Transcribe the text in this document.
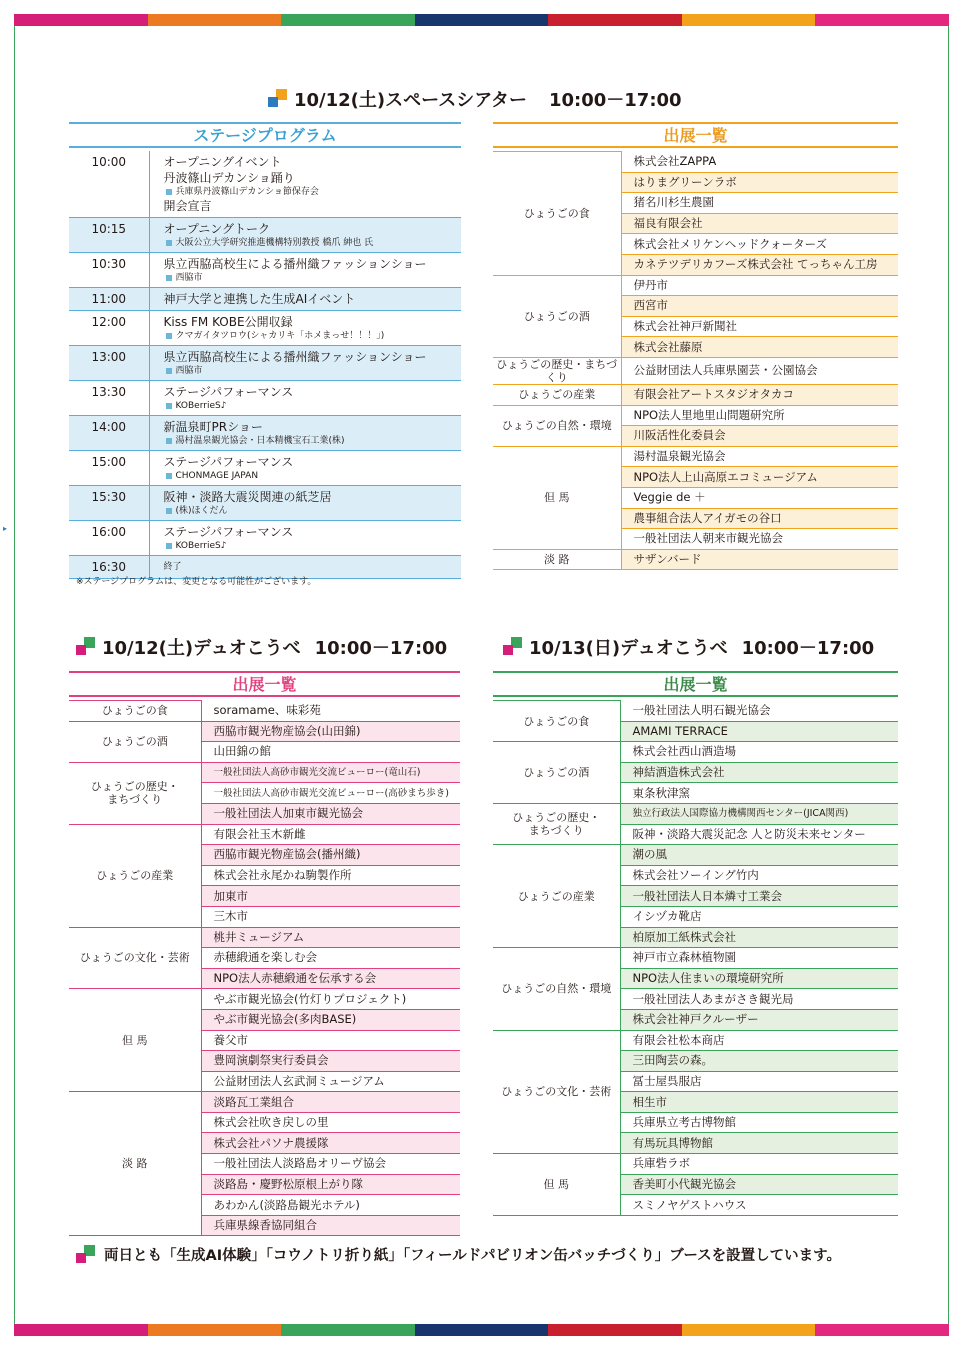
▸
10/12(土)スペースシアター 10:00－17:00
ステージプログラム
10:00	オープニングイベント
丹波篠山デカンショ踊り
兵庫県丹波篠山デカンショ節保存会
開会宣言

10:15	オープニングトーク
大阪公立大学研究推進機構特別教授 橋爪 紳也 氏

10:30	県立西脇高校生による播州織ファッションショー
西脇市

11:00	神戸大学と連携した生成AIイベント

12:00	Kiss FM KOBE公開収録
クマガイタツロウ(シャカリキ「ホメまっせ！！！」)

13:00	県立西脇高校生による播州織ファッションショー
西脇市

13:30	ステージパフォーマンス
KOBerrieS♪

14:00	新温泉町PRショー
湯村温泉観光協会・日本精機宝石工業(株)

15:00	ステージパフォーマンス
CHONMAGE JAPAN

15:30	阪神・淡路大震災関連の紙芝居
(株)ほくだん

16:00	ステージパフォーマンス
KOBerrieS♪

16:30	終了
※ステージプログラムは、変更となる可能性がございます。
出展一覧
ひょうごの食	株式会社ZAPPA
	はりまグリーンラボ
	猪名川杉生農園
	福良有限会社
	株式会社メリケンヘッドクォーターズ
	カネテツデリカフーズ株式会社 てっちゃん工房

ひょうごの酒	伊丹市
	西宮市
	株式会社神戸新聞社
	株式会社藤原

ひょうごの歴史・まちづくり	公益財団法人兵庫県園芸・公園協会

ひょうごの産業	有限会社アートスタジオタカコ

ひょうごの自然・環境	NPO法人里地里山問題研究所
	川阪活性化委員会

但 馬	湯村温泉観光協会
	NPO法人上山高原エコミュージアム
	Veggie de ＋
	農事組合法人アイガモの谷口
	一般社団法人朝来市観光協会

淡 路	サザンバード
10/12(土)デュオこうべ 10:00－17:00
出展一覧
ひょうごの食	soramame、味彩苑

ひょうごの酒	西脇市観光物産協会(山田錦)
	山田錦の館

ひょうごの歴史・
まちづくり	一般社団法人高砂市観光交流ビューロー(竜山石)
	一般社団法人高砂市観光交流ビューロー(高砂まち歩き)
	一般社団法人加東市観光協会

ひょうごの産業	有限会社玉木新雌
	西脇市観光物産協会(播州織)
	株式会社永尾かね駒製作所
	加東市
	三木市

ひょうごの文化・芸術	桃井ミュージアム
	赤穂緞通を楽しむ会
	NPO法人赤穂緞通を伝承する会

但 馬	やぶ市観光協会(竹灯りプロジェクト)
	やぶ市観光協会(多肉BASE)
	養父市
	豊岡演劇祭実行委員会
	公益財団法人玄武洞ミュージアム

淡 路	淡路瓦工業組合
	株式会社吹き戻しの里
	株式会社パソナ農援隊
	一般社団法人淡路島オリーヴ協会
	淡路島・慶野松原根上がり隊
	あわかん(淡路島観光ホテル)
	兵庫県線香協同組合
10/13(日)デュオこうべ 10:00－17:00
出展一覧
ひょうごの食	一般社団法人明石観光協会
	AMAMI TERRACE

ひょうごの酒	株式会社西山酒造場
	神結酒造株式会社
	東条秋津窯

ひょうごの歴史・
まちづくり	独立行政法人国際協力機構関西センター(JICA関西)
	阪神・淡路大震災記念 人と防災未来センター

ひょうごの産業	潮の風
	株式会社ソーイング竹内
	一般社団法人日本燐寸工業会
	イシヅカ靴店
	柏原加工紙株式会社

ひょうごの自然・環境	神戸市立森林植物園
	NPO法人住まいの環境研究所
	一般社団法人あまがさき観光局
	株式会社神戸クルーザー

ひょうごの文化・芸術	有限会社松本商店
	三田陶芸の森。
	冨士屋呉服店
	相生市
	兵庫県立考古博物館
	有馬玩具博物館

但 馬	兵庫砦ラボ
	香美町小代観光協会
	スミノヤゲストハウス
両日とも「生成AI体験」「コウノトリ折り紙」「フィールドパビリオン缶バッチづくり」ブースを設置しています。
